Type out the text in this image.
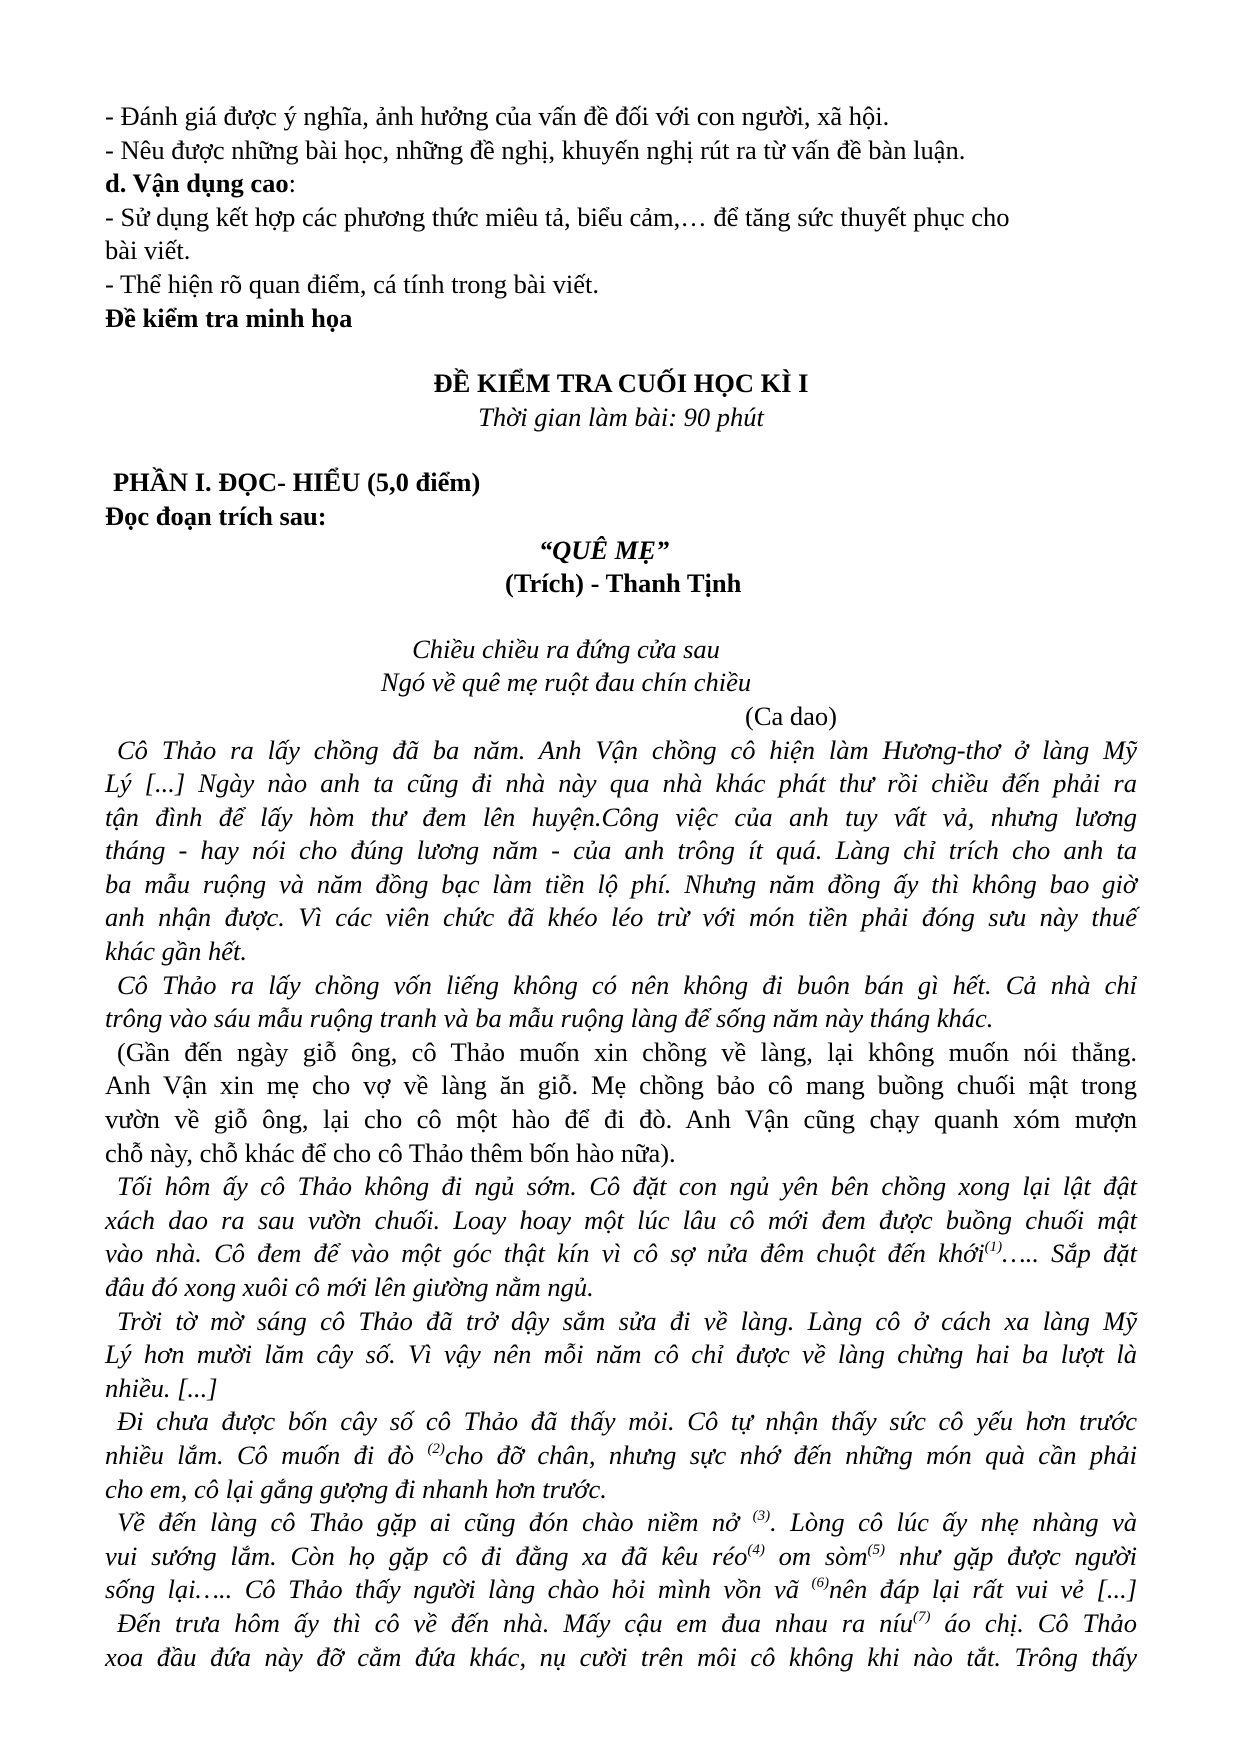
- Đánh giá được ý nghĩa, ảnh hưởng của vấn đề đối với con người, xã hội.
- Nêu được những bài học, những đề nghị, khuyến nghị rút ra từ vấn đề bàn luận.
d. Vận dụng cao:
- Sử dụng kết hợp các phương thức miêu tả, biểu cảm,… để tăng sức thuyết phục cho
bài viết.
- Thể hiện rõ quan điểm, cá tính trong bài viết.
Đề kiểm tra minh họa
ĐỀ KIỂM TRA CUỐI HỌC KÌ I
Thời gian làm bài: 90 phút
PHẦN I. ĐỌC- HIỂU (5,0 điểm)
Đọc đoạn trích sau:
“QUÊ MẸ”
(Trích) - Thanh Tịnh
Chiều chiều ra đứng cửa sau
Ngó về quê mẹ ruột đau chín chiều
(Ca dao)
Cô Thảo ra lấy chồng đã ba năm. Anh Vận chồng cô hiện làm Hương-thơ ở làng Mỹ
Lý [...] Ngày nào anh ta cũng đi nhà này qua nhà khác phát thư rồi chiều đến phải ra
tận đình để lấy hòm thư đem lên huyện.Công việc của anh tuy vất vả, nhưng lương
tháng - hay nói cho đúng lương năm - của anh trông ít quá. Làng chỉ trích cho anh ta
ba mẫu ruộng và năm đồng bạc làm tiền lộ phí. Nhưng năm đồng ấy thì không bao giờ
anh nhận được. Vì các viên chức đã khéo léo trừ với món tiền phải đóng sưu này thuế
khác gần hết.
Cô Thảo ra lấy chồng vốn liếng không có nên không đi buôn bán gì hết. Cả nhà chỉ
trông vào sáu mẫu ruộng tranh và ba mẫu ruộng làng để sống năm này tháng khác.
(Gần đến ngày giỗ ông, cô Thảo muốn xin chồng về làng, lại không muốn nói thẳng.
Anh Vận xin mẹ cho vợ về làng ăn giỗ. Mẹ chồng bảo cô mang buồng chuối mật trong
vườn về giỗ ông, lại cho cô một hào để đi đò. Anh Vận cũng chạy quanh xóm mượn
chỗ này, chỗ khác để cho cô Thảo thêm bốn hào nữa).
Tối hôm ấy cô Thảo không đi ngủ sớm. Cô đặt con ngủ yên bên chồng xong lại lật đật
xách dao ra sau vườn chuối. Loay hoay một lúc lâu cô mới đem được buồng chuối mật
vào nhà. Cô đem để vào một góc thật kín vì cô sợ nửa đêm chuột đến khới$^{(1)}$….. Sắp đặt
đâu đó xong xuôi cô mới lên giường nằm ngủ.
Trời tờ mờ sáng cô Thảo đã trở dậy sắm sửa đi về làng. Làng cô ở cách xa làng Mỹ
Lý hơn mười lăm cây số. Vì vậy nên mỗi năm cô chỉ được về làng chừng hai ba lượt là
nhiều. [...]
Đi chưa được bốn cây số cô Thảo đã thấy mỏi. Cô tự nhận thấy sức cô yếu hơn trước
nhiều lắm. Cô muốn đi đò $^{(2)}$cho đỡ chân, nhưng sực nhớ đến những món quà cần phải
cho em, cô lại gắng gượng đi nhanh hơn trước.
Về đến làng cô Thảo gặp ai cũng đón chào niềm nở $^{(3)}$. Lòng cô lúc ấy nhẹ nhàng và
vui sướng lắm. Còn họ gặp cô đi đằng xa đã kêu réo$^{(4)}$ om sòm$^{(5)}$ như gặp được người
sống lại….. Cô Thảo thấy người làng chào hỏi mình vồn vã $^{(6)}$nên đáp lại rất vui vẻ [...]
Đến trưa hôm ấy thì cô về đến nhà. Mấy cậu em đua nhau ra níu$^{(7)}$ áo chị. Cô Thảo
xoa đầu đứa này đỡ cằm đứa khác, nụ cười trên môi cô không khi nào tắt. Trông thấy
